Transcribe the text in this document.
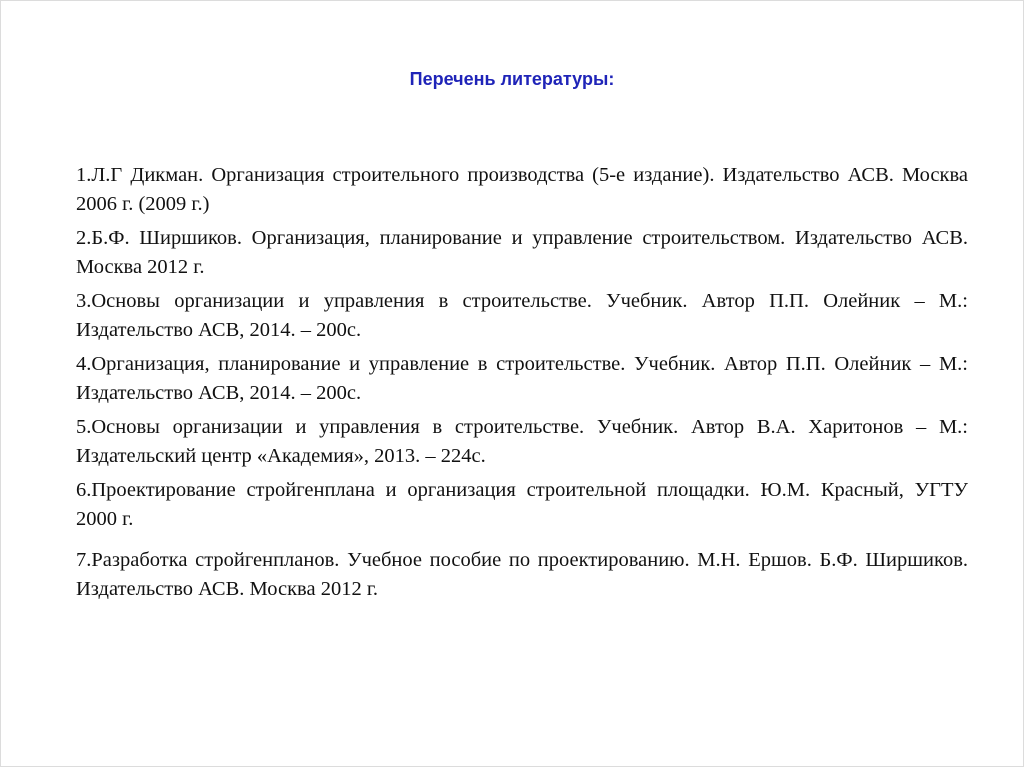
Перечень литературы:
1.Л.Г Дикман. Организация строительного производства (5-е издание). Издательство АСВ. Москва 2006 г. (2009 г.)
2.Б.Ф. Ширшиков. Организация, планирование и управление строительством. Издательство АСВ. Москва 2012 г.
3.Основы организации и управления в строительстве. Учебник. Автор П.П. Олейник – М.: Издательство АСВ, 2014. – 200с.
4.Организация, планирование и управление в строительстве. Учебник. Автор П.П. Олейник – М.: Издательство АСВ, 2014. – 200с.
5.Основы организации и управления в строительстве. Учебник. Автор В.А. Харитонов – М.: Издательский центр «Академия», 2013. – 224с.
6.Проектирование стройгенплана и организация строительной площадки. Ю.М. Красный, УГТУ 2000 г.
7.Разработка стройгенпланов. Учебное пособие по проектированию. М.Н. Ершов. Б.Ф. Ширшиков. Издательство АСВ. Москва 2012 г.
